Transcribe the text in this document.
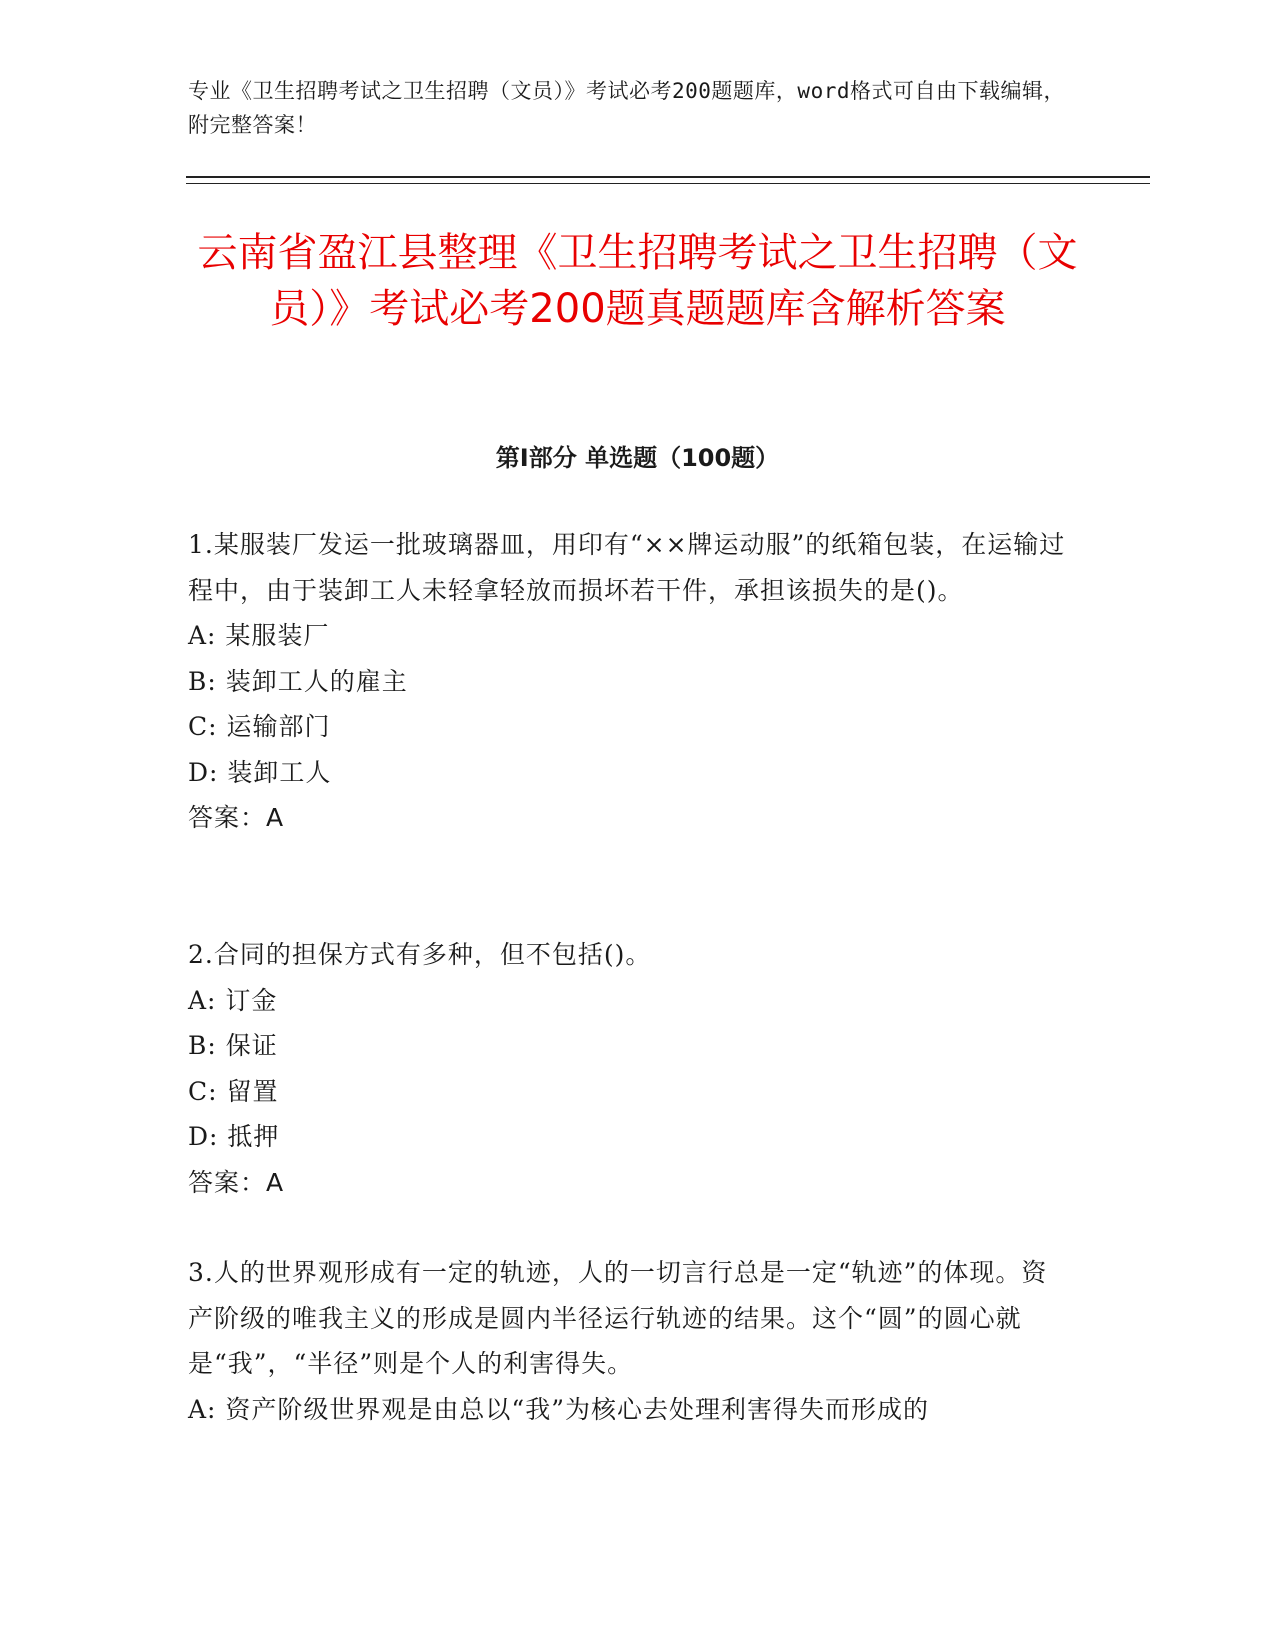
专业《卫生招聘考试之卫生招聘（文员）》考试必考200题题库，word格式可自由下载编辑，附完整答案！

云南省盈江县整理《卫生招聘考试之卫生招聘（文员）》考试必考200题真题题库含解析答案
第I部分 单选题（100题）

1.某服装厂发运一批玻璃器皿，用印有“××牌运动服”的纸箱包装，在运输过程中，由于装卸工人未轻拿轻放而损坏若干件，承担该损失的是()。

A: 某服装厂

B: 装卸工人的雇主

C: 运输部门

D: 装卸工人

答案：A

2.合同的担保方式有多种，但不包括()。

A: 订金

B: 保证

C: 留置

D: 抵押

答案：A

3.人的世界观形成有一定的轨迹，人的一切言行总是一定“轨迹”的体现。资产阶级的唯我主义的形成是圆内半径运行轨迹的结果。这个“圆”的圆心就是“我”，“半径”则是个人的利害得失。

A: 资产阶级世界观是由总以“我”为核心去处理利害得失而形成的
